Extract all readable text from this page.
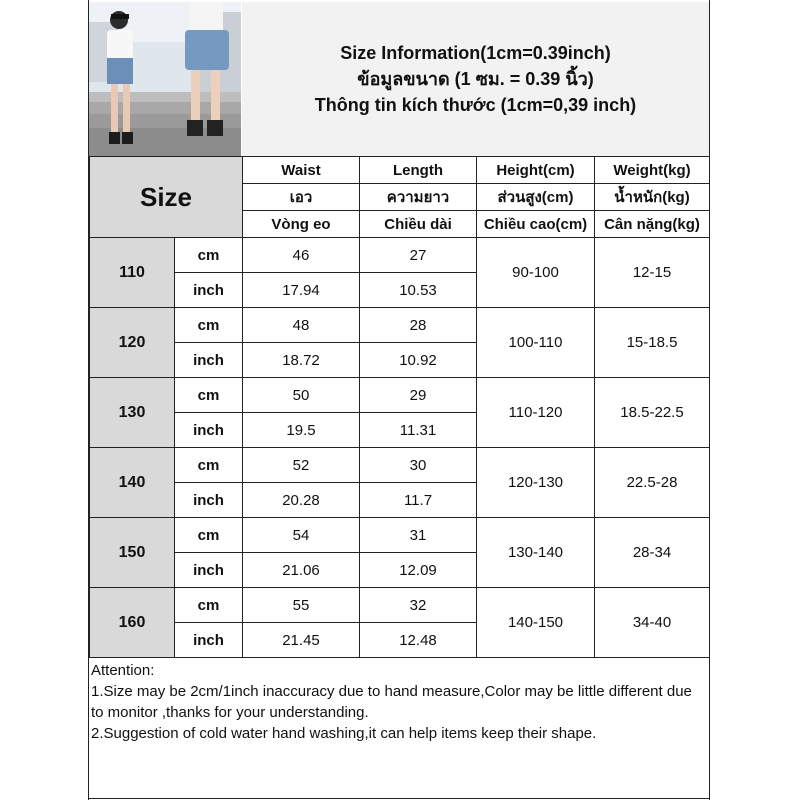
Size Information(1cm=0.39inch)
ข้อมูลขนาด (1 ซม. = 0.39 นิ้ว)
Thông tin kích thước (1cm=0,39 inch)
Size		Waist	Length	Height(cm)	Weight(kg)
		เอว	ความยาว	ส่วนสูง(cm)	น้ำหนัก(kg)
		Vòng eo	Chiều dài	Chiều cao(cm)	Cân nặng(kg)
110	cm	46	27	90-100	12-15
	inch	17.94	10.53		
120	cm	48	28	100-110	15-18.5
	inch	18.72	10.92		
130	cm	50	29	110-120	18.5-22.5
	inch	19.5	11.31		
140	cm	52	30	120-130	22.5-28
	inch	20.28	11.7		
150	cm	54	31	130-140	28-34
	inch	21.06	12.09		
160	cm	55	32	140-150	34-40
	inch	21.45	12.48		
Attention:
1.Size may be 2cm/1inch inaccuracy due to hand measure,Color may be little different due to monitor ,thanks for your understanding.
2.Suggestion of cold water hand washing,it can help items keep their shape.
